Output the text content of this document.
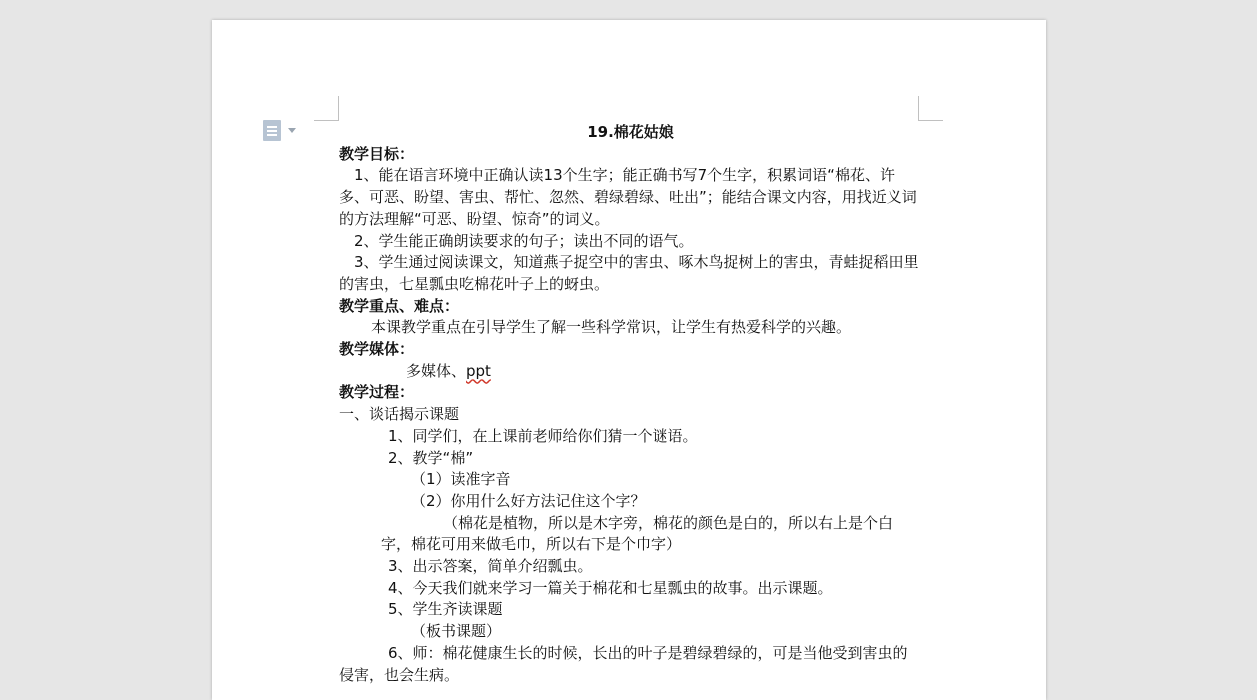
19.棉花姑娘

教学目标：

1、能在语言环境中正确认读13个生字；能正确书写7个生字，积累词语“棉花、许多、可恶、盼望、害虫、帮忙、忽然、碧绿碧绿、吐出”；能结合课文内容，用找近义词的方法理解“可恶、盼望、惊奇”的词义。

2、学生能正确朗读要求的句子；读出不同的语气。

3、学生通过阅读课文，知道燕子捉空中的害虫、啄木鸟捉树上的害虫，青蛙捉稻田里的害虫，七星瓢虫吃棉花叶子上的蚜虫。

教学重点、难点：

本课教学重点在引导学生了解一些科学常识，让学生有热爱科学的兴趣。

教学媒体：

多媒体、ppt

教学过程：

一、谈话揭示课题

1、同学们，在上课前老师给你们猜一个谜语。

2、教学“棉”

（1）读准字音

（2）你用什么好方法记住这个字？

（棉花是植物，所以是木字旁，棉花的颜色是白的，所以右上是个白字，棉花可用来做毛巾，所以右下是个巾字）

3、出示答案，简单介绍瓢虫。

4、今天我们就来学习一篇关于棉花和七星瓢虫的故事。出示课题。

5、学生齐读课题

（板书课题）

6、师：棉花健康生长的时候，长出的叶子是碧绿碧绿的，可是当他受到害虫的侵害，也会生病。
